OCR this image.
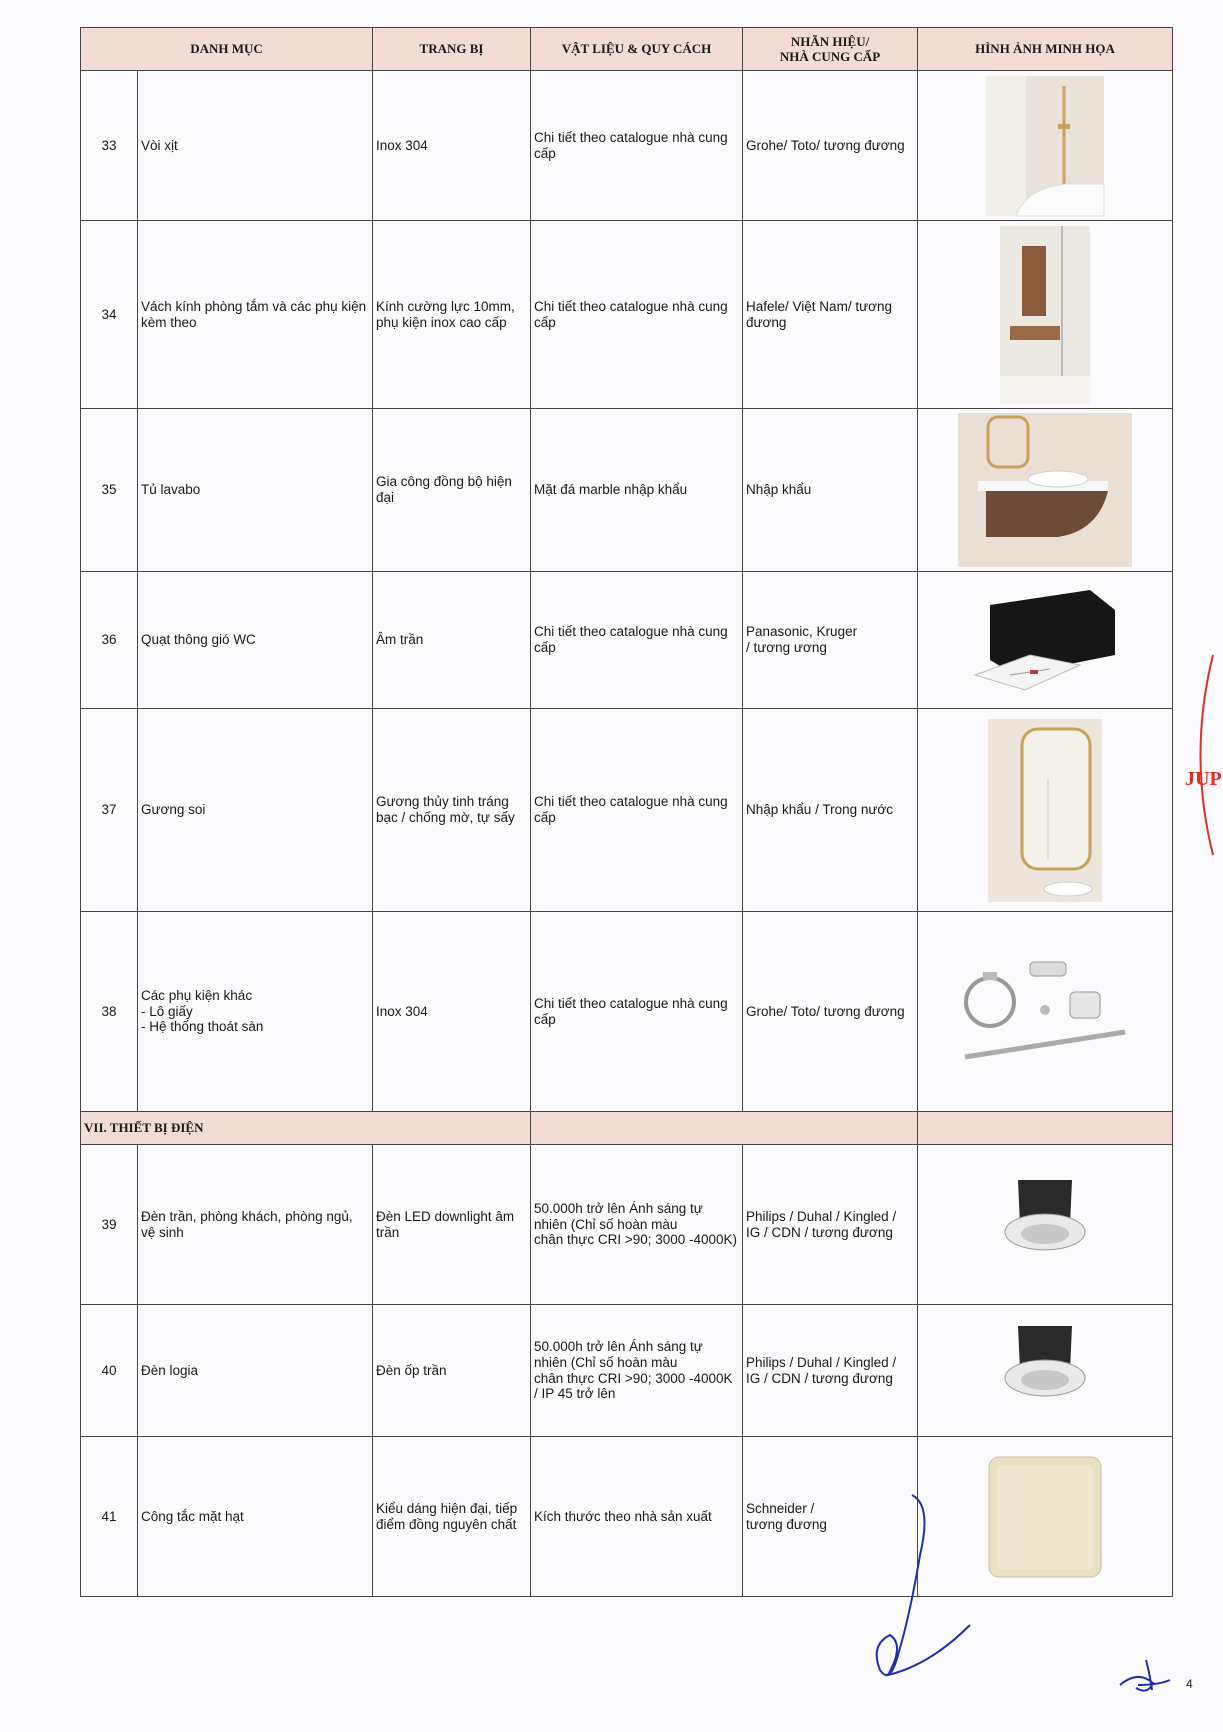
DANH MỤC		TRANG BỊ	VẬT LIỆU & QUY CÁCH	NHÃN HIỆU/
NHÀ CUNG CẤP	HÌNH ẢNH MINH HỌA
33	Vòi xịt	Inox 304	Chi tiết theo catalogue nhà cung cấp	Grohe/ Toto/ tương đương	
34	Vách kính phòng tắm và các phụ kiện kèm theo	Kính cường lực 10mm, phụ kiện inox cao cấp	Chi tiết theo catalogue nhà cung cấp	Hafele/ Việt Nam/ tương đương	
35	Tủ lavabo	Gia công đồng bộ hiện đại	Mặt đá marble nhập khẩu	Nhập khẩu	
36	Quạt thông gió WC	Âm trần	Chi tiết theo catalogue nhà cung cấp	Panasonic, Kruger
/ tương ương	
37	Gương soi	Gương thủy tinh tráng bạc / chống mờ, tự sấy	Chi tiết theo catalogue nhà cung cấp	Nhập khẩu / Trong nước	
38	Các phụ kiện khác
- Lô giấy
- Hệ thống thoát sàn	Inox 304	Chi tiết theo catalogue nhà cung cấp	Grohe/ Toto/ tương đương	
VII. THIẾT BỊ ĐIỆN					
39	Đèn trần, phòng khách, phòng ngủ, vệ sinh	Đèn LED downlight âm trần	50.000h trở lên Ánh sáng tự nhiên (Chỉ số hoàn màu
chân thực CRI >90; 3000 -4000K)	Philips / Duhal / Kingled / IG / CDN / tương đương	
40	Đèn logia	Đèn ốp trần	50.000h trở lên Ánh sáng tự nhiên (Chỉ số hoàn màu
chân thực CRI >90; 3000 -4000K / IP 45 trở lên	Philips / Duhal / Kingled / IG / CDN / tương đương	
41	Công tắc mặt hạt	Kiểu dáng hiện đại, tiếp điểm đồng nguyên chất	Kích thước theo nhà sản xuất	Schneider /
tương đương	
JUP
4
